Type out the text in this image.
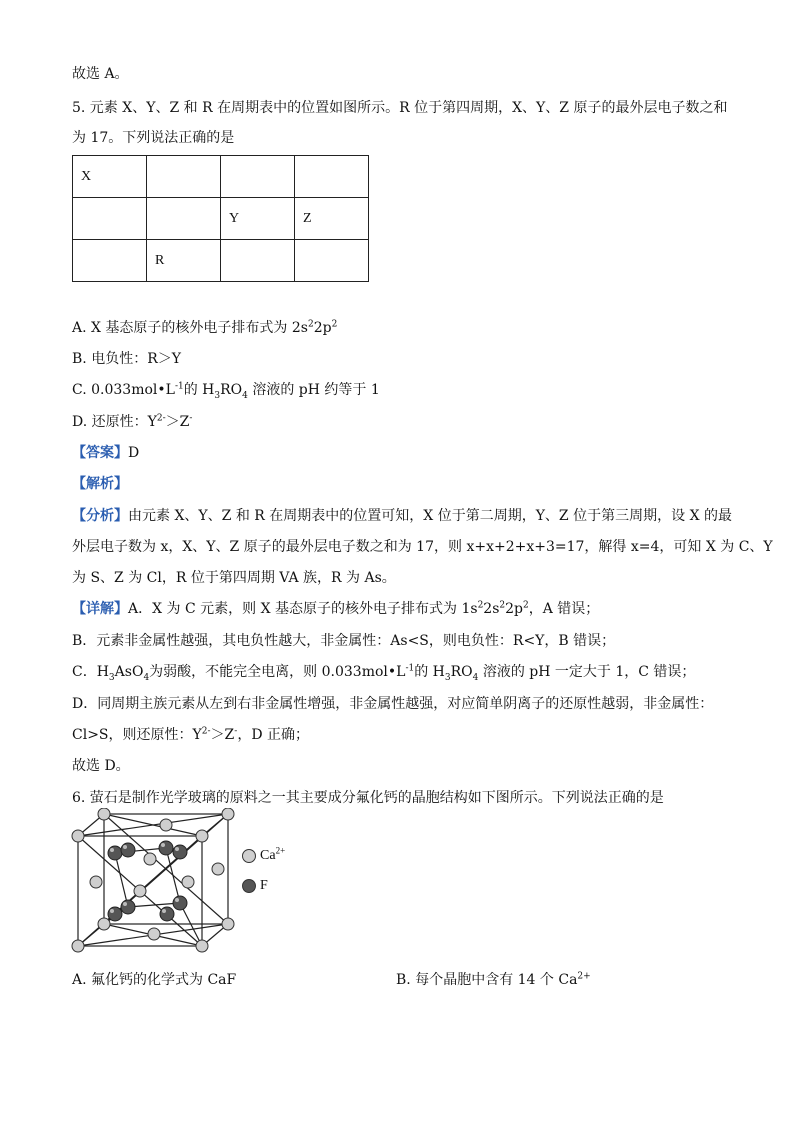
故选 A。
5. 元素 X、Y、Z 和 R 在周期表中的位置如图所示。R 位于第四周期，X、Y、Z 原子的最外层电子数之和
为 17。下列说法正确的是
X			
		Y	Z
	R		
A. X 基态原子的核外电子排布式为 $2s^22p^2$
B. 电负性：R＞Y
C. $0.033mol•L^{-1}$的 $H_3RO_4$ 溶液的 pH 约等于 1
D. 还原性：$Y^{2-}>Z^-$
【答案】D
【解析】
【分析】由元素 X、Y、Z 和 R 在周期表中的位置可知，X 位于第二周期，Y、Z 位于第三周期，设 X 的最
外层电子数为 x，X、Y、Z 原子的最外层电子数之和为 17，则 x+x+2+x+3=17，解得 x=4，可知 X 为 C、Y
为 S、Z 为 Cl，R 位于第四周期 VA 族，R 为 As。
【详解】A．X 为 C 元素，则 X 基态原子的核外电子排布式为 $1s^22s^22p^2$，A 错误；
B．元素非金属性越强，其电负性越大，非金属性：As<S，则电负性：R<Y，B 错误；
C．$H_3AsO_4$为弱酸，不能完全电离，则 $0.033mol•L^{-1}$的 $H_3RO_4$ 溶液的 pH 一定大于 1，C 错误；
D．同周期主族元素从左到右非金属性增强，非金属性越强，对应简单阴离子的还原性越弱，非金属性：
Cl>S，则还原性：$Y^{2-}>Z^-$，D 正确；
故选 D。
6. 萤石是制作光学玻璃的原料之一其主要成分氟化钙的晶胞结构如下图所示。下列说法正确的是
$Ca^{2+}$
F
A. 氟化钙的化学式为 CaF	B. 每个晶胞中含有 14 个 $Ca^{2+}$
